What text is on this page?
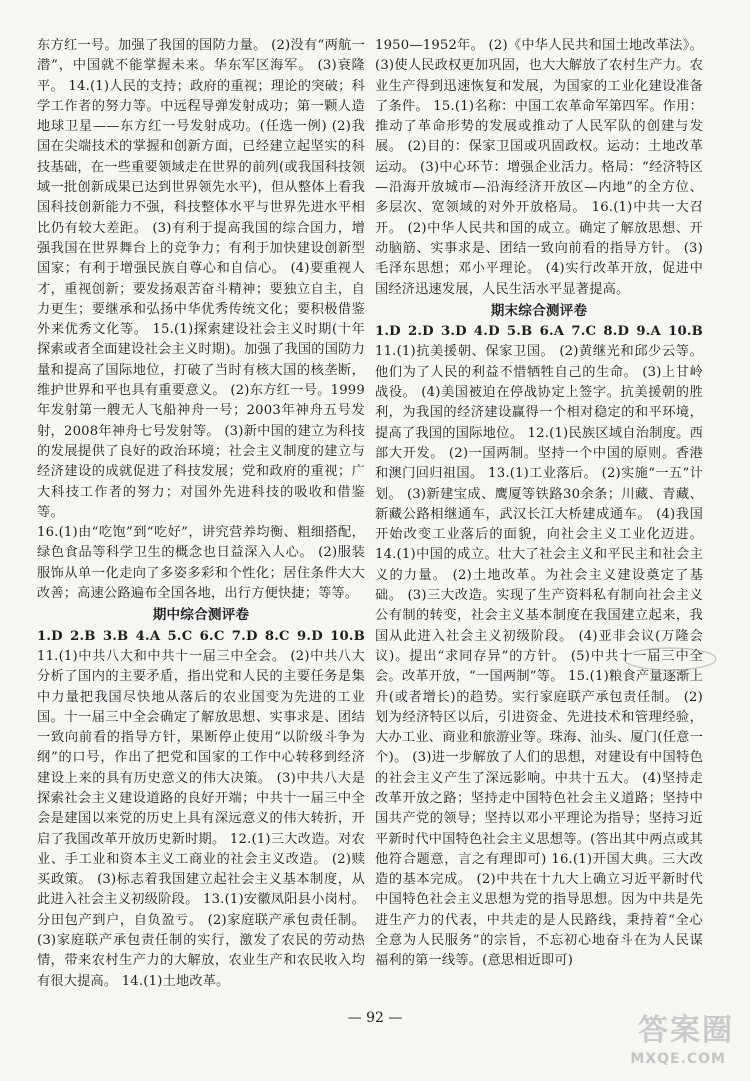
东方红一号。加强了我国的国防力量。 (2)没有“两航一潜”，中国就不能掌握未来。华东军区海军。 (3)衰隆平。 14.(1)人民的支持；政府的重视；理论的突破；科学工作者的努力等。中远程导弹发射成功；第一颗人造地球卫星——东方红一号发射成功。(任选一例) (2)我国在尖端技术的掌握和创新方面，已经建立起坚实的科技基础，在一些重要领域走在世界的前列(或我国科技领域一批创新成果已达到世界领先水平)，但从整体上看我国科技创新能力不强，科技整体水平与世界先进水平相比仍有较大差距。 (3)有利于提高我国的综合国力，增强我国在世界舞台上的竞争力；有利于加快建设创新型国家；有利于增强民族自尊心和自信心。 (4)要重视人才，重视创新；要发扬艰苦奋斗精神；要独立自主，自力更生；要继承和弘扬中华优秀传统文化；要积极借鉴外来优秀文化等。 15.(1)探索建设社会主义时期(十年探索或者全面建设社会主义时期)。加强了我国的国防力量和提高了国际地位，打破了当时有核大国的核垄断，维护世界和平也具有重要意义。 (2)东方红一号。1999年发射第一艘无人飞船神舟一号；2003年神舟五号发射，2008年神舟七号发射等。 (3)新中国的建立为科技的发展提供了良好的政治环境；社会主义制度的建立与经济建设的成就促进了科技发展；党和政府的重视；广大科技工作者的努力；对国外先进科技的吸收和借鉴等。

16.(1)由“吃饱”到“吃好”，讲究营养均衡、粗细搭配，绿色食品等科学卫生的概念也日益深入人心。 (2)服装服饰从单一化走向了多姿多彩和个性化；居住条件大大改善；高速公路遍布全国各地，出行方便快捷；等等。

期中综合测评卷

1.D 2.B 3.B 4.A 5.C 6.C 7.D 8.C 9.D 10.B 11.(1)中共八大和中共十一届三中全会。 (2)中共八大分析了国内的主要矛盾，指出党和人民的主要任务是集中力量把我国尽快地从落后的农业国变为先进的工业国。十一届三中全会确定了解放思想、实事求是、团结一致向前看的指导方针，果断停止使用“以阶级斗争为纲”的口号，作出了把党和国家的工作中心转移到经济建设上来的具有历史意义的伟大决策。 (3)中共八大是探索社会主义建设道路的良好开端；中共十一届三中全会是建国以来党的历史上具有深远意义的伟大转折，开启了我国改革开放历史新时期。 12.(1)三大改造。对农业、手工业和资本主义工商业的社会主义改造。 (2)赎买政策。 (3)标志着我国建立起社会主义基本制度，从此进入社会主义初级阶段。 13.(1)安徽凤阳县小岗村。分田包产到户，自负盈亏。 (2)家庭联产承包责任制。 (3)家庭联产承包责任制的实行，激发了农民的劳动热情，带来农村生产力的大解放，农业生产和农民收入均有很大提高。 14.(1)土地改革。

1950—1952年。 (2)《中华人民共和国土地改革法》。 (3)使人民政权更加巩固，也大大解放了农村生产力。农业生产得到迅速恢复和发展，为国家的工业化建设准备了条件。 15.(1)名称：中国工农革命军第四军。作用：推动了革命形势的发展或推动了人民军队的创建与发展。 (2)目的：保家卫国或巩固政权。运动：土地改革运动。 (3)中心环节：增强企业活力。格局：“经济特区—沿海开放城市—沿海经济开放区—内地”的全方位、多层次、宽领域的对外开放格局。 16.(1)中共一大召开。 (2)中华人民共和国的成立。确定了解放思想、开动脑筋、实事求是、团结一致向前看的指导方针。 (3)毛泽东思想；邓小平理论。 (4)实行改革开放，促进中国经济迅速发展，人民生活水平显著提高。

期末综合测评卷

1.D 2.D 3.D 4.D 5.B 6.A 7.C 8.D 9.A 10.B 11.(1)抗美援朝、保家卫国。 (2)黄继光和邱少云等。他们为了人民的利益不惜牺牲自己的生命。 (3)上甘岭战役。 (4)美国被迫在停战协定上签字。抗美援朝的胜利，为我国的经济建设赢得一个相对稳定的和平环境，提高了我国的国际地位。 12.(1)民族区域自治制度。西部大开发。 (2)一国两制。坚持一个中国的原则。香港和澳门回归祖国。 13.(1)工业落后。 (2)实施“一五”计划。 (3)新建宝成、鹰厦等铁路30余条；川藏、青藏、新藏公路相继通车，武汉长江大桥建成通车。 (4)我国开始改变工业落后的面貌，向社会主义工业化迈进。 14.(1)中国的成立。壮大了社会主义和平民主和社会主义的力量。 (2)土地改革。为社会主义建设奠定了基础。 (3)三大改造。实现了生产资料私有制向社会主义公有制的转变，社会主义基本制度在我国建立起来，我国从此进入社会主义初级阶段。 (4)亚非会议(万隆会议)。提出“求同存异”的方针。 (5)中共十一届三中全会。改革开放，“一国两制”等。 15.(1)粮食产量逐渐上升(或者增长)的趋势。实行家庭联产承包责任制。 (2)划为经济特区以后，引进资金、先进技术和管理经验，大办工业、商业和旅游业等。珠海、汕头、厦门(任意一个)。 (3)进一步解放了人们的思想，对建设有中国特色的社会主义产生了深远影响。中共十五大。 (4)坚持走改革开放之路；坚持走中国特色社会主义道路；坚持中国共产党的领导；坚持以邓小平理论为指导；坚持习近平新时代中国特色社会主义思想等。(答出其中两点或其他符合题意，言之有理即可) 16.(1)开国大典。三大改造的基本完成。 (2)中共在十九大上确立习近平新时代中国特色社会主义思想为党的指导思想。因为中共是先进生产力的代表，中共走的是人民路线，秉持着“全心全意为人民服务”的宗旨，不忘初心地奋斗在为人民谋福利的第一线等。(意思相近即可)

— 92 —	答案圈
MXQE.COM
